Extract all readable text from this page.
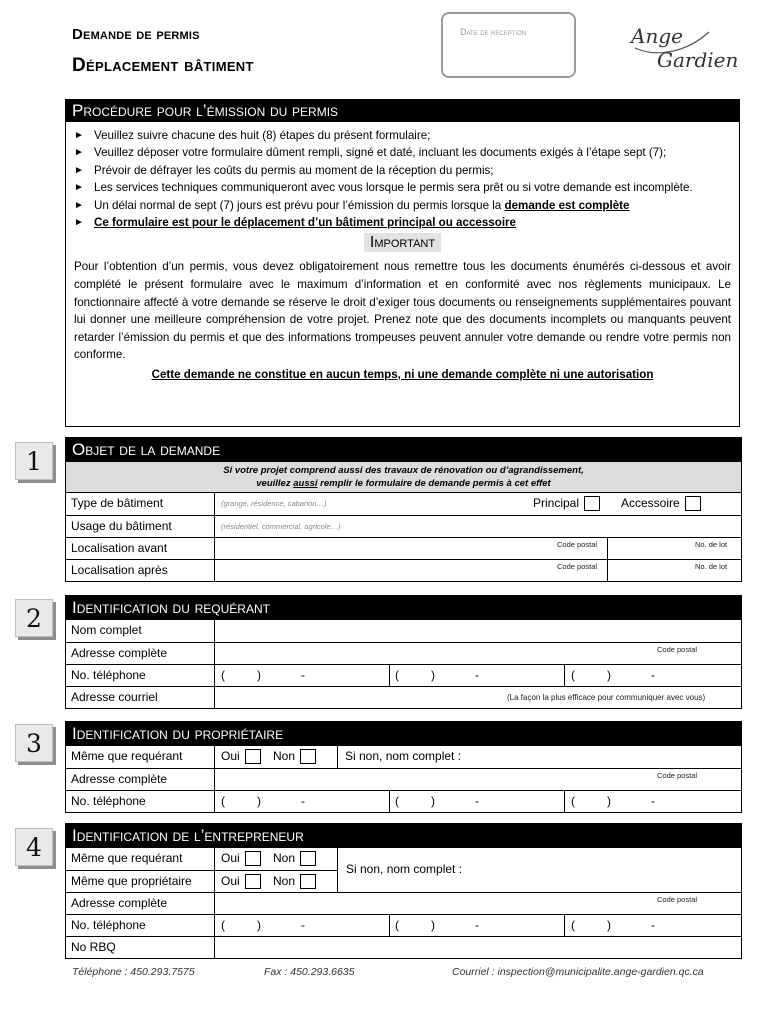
Demande de permis
Déplacement bâtiment
Date de reception	Ange
Gardien
Procédure pour l’émission du permis
► Veuillez suivre chacune des huit (8) étapes du présent formulaire;
► Veuillez déposer votre formulaire dûment rempli, signé et daté, incluant les documents exigés à l’étape sept (7);
► Prévoir de défrayer les coûts du permis au moment de la réception du permis;
► Les services techniques communiqueront avec vous lorsque le permis sera prêt ou si votre demande est incomplète.
► Un délai normal de sept (7) jours est prévu pour l’émission du permis lorsque la demande est complète
► Ce formulaire est pour le déplacement d’un bâtiment principal ou accessoire
Important

Pour l’obtention d’un permis, vous devez obligatoirement nous remettre tous les documents énumérés ci-dessous et avoir complété le présent formulaire avec le maximum d’information et en conformité avec nos règlements municipaux. Le fonctionnaire affecté à votre demande se réserve le droit d’exiger tous documents ou renseignements supplémentaires pouvant lui donner une meilleure compréhension de votre projet. Prenez note que des documents incomplets ou manquants peuvent retarder l’émission du permis et que des informations trompeuses peuvent annuler votre demande ou rendre votre permis non conforme.

Cette demande ne constitue en aucun temps, ni une demande complète ni une autorisation

1	Objet de la demande
Si votre projet comprend aussi des travaux de rénovation ou d’agrandissement,
veuillez aussi remplir le formulaire de demande permis à cet effet
Type de bâtiment	(grange, résidence, cabanon…)	Principal	Accessoire
Usage du bâtiment	(résidentiel, commercial, agricole…)
Localisation avant	Code postal	No. de lot
Localisation après	Code postal	No. de lot
2	Identification du requérant
Nom complet
Adresse complète	Code postal
No. téléphone	(	)	-	(	)	-	(	)	-
Adresse courriel	(La façon la plus efficace pour communiquer avec vous)
3	Identification du propriétaire
Même que requérant	Oui	Non	Si non, nom complet :
Adresse complète	Code postal
No. téléphone	(	)	-	(	)	-	(	)	-
4	Identification de l’entrepreneur
Même que requérant	Oui	Non
Même que propriétaire	Oui	Non
Si non, nom complet :
Adresse complète	Code postal
No. téléphone	(	)	-	(	)	-	(	)	-
No RBQ
Téléphone : 450.293.7575	Fax : 450.293.6635	Courriel : inspection@municipalite.ange-gardien.qc.ca
